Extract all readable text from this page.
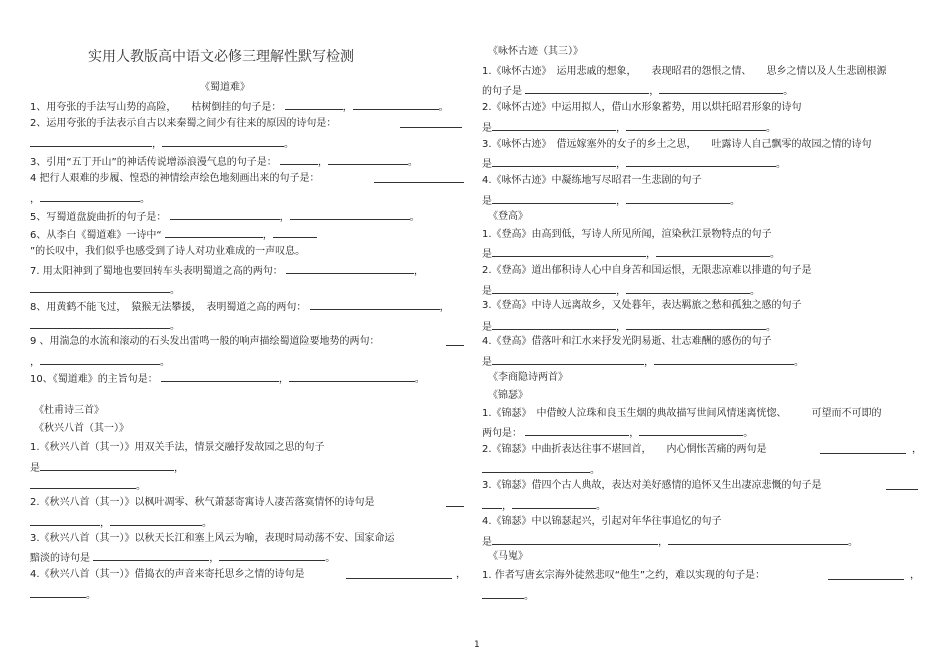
实用人教版高中语文必修三理解性默写检测
《蜀道难》
1、用夸张的手法写山势的高险，　　枯树倒挂的句子是：	，	。
2、运用夸张的手法表示自古以来秦蜀之间少有往来的原因的诗句是：
，	。
3、引用“五丁开山”的神话传说增添浪漫气息的句子是：	，	。
4 把行人艰难的步履、惶恐的神情绘声绘色地刻画出来的句子是：
，	。
5、写蜀道盘旋曲折的句子是：	，	。
6、从李白《蜀道难》一诗中“	，
”的长叹中，我们似乎也感受到了诗人对功业难成的一声叹息。
7. 用太阳神到了蜀地也要回转车头表明蜀道之高的两句：	，
。
8、用黄鹤不能飞过，　猿猴无法攀援，　表明蜀道之高的两句：	，
。
9 、用湍急的水流和滚动的石头发出雷鸣一般的响声描绘蜀道险要地势的两句：
，	。
10、《蜀道难》的主旨句是：	，	。
《杜甫诗三首》
《秋兴八首（其一）》
1.《秋兴八首（其一）》用双关手法，情景交融抒发故园之思的句子
是	，
。
2.《秋兴八首（其一）》以枫叶凋零、秋气萧瑟寄寓诗人凄苦落寞情怀的诗句是
，	。
3.《秋兴八首（其一）》以秋天长江和塞上风云为喻，表现时局动荡不安、国家命运
黯淡的诗句是	，	。
4.《秋兴八首（其一）》借捣衣的声音来寄托思乡之情的诗句是	，
。
《咏怀古迹（其三）》
1.《咏怀古迹》　运用悲戚的想象，　　表现昭君的怨恨之情、　　思乡之情以及人生悲剧根源
的句子是	，	。
2.《咏怀古迹》中运用拟人，借山水形象蓄势，用以烘托昭君形象的诗句
是	，	。
3.《咏怀古迹》　借远嫁塞外的女子的乡土之思，　　吐露诗人自己飘零的故园之情的诗句
是	，	。
4.《咏怀古迹》中凝练地写尽昭君一生悲剧的句子
是	，	。
《登高》
1.《登高》由高到低，写诗人所见所闻，渲染秋江景物特点的句子
是	，	。
2.《登高》道出郁积诗人心中自身苦和国运恨，无限悲凉难以排遣的句子是
是	，	。
3.《登高》中诗人远离故乡，又处暮年，表达羁旅之愁和孤独之感的句子
是	，	。
4.《登高》借落叶和江水来抒发光阴易逝、壮志难酬的感伤的句子
是	，	。
《李商隐诗两首》
《锦瑟》
1.《锦瑟》　中借鲛人泣珠和良玉生烟的典故描写世间风情迷离恍惚、　　　可望而不可即的
两句是：	，	。
2.《锦瑟》中曲折表达往事不堪回首，　　内心惘怅苦痛的两句是	，
。
3.《锦瑟》借四个古人典故，表达对美好感情的追怀又生出凄凉悲慨的句子是
，	。
4.《锦瑟》中以锦瑟起兴，引起对年华往事追忆的句子
是	，	。
《马嵬》
1. 作者写唐玄宗海外徒然悲叹“他生”之约，难以实现的句子是：	，
。
1
